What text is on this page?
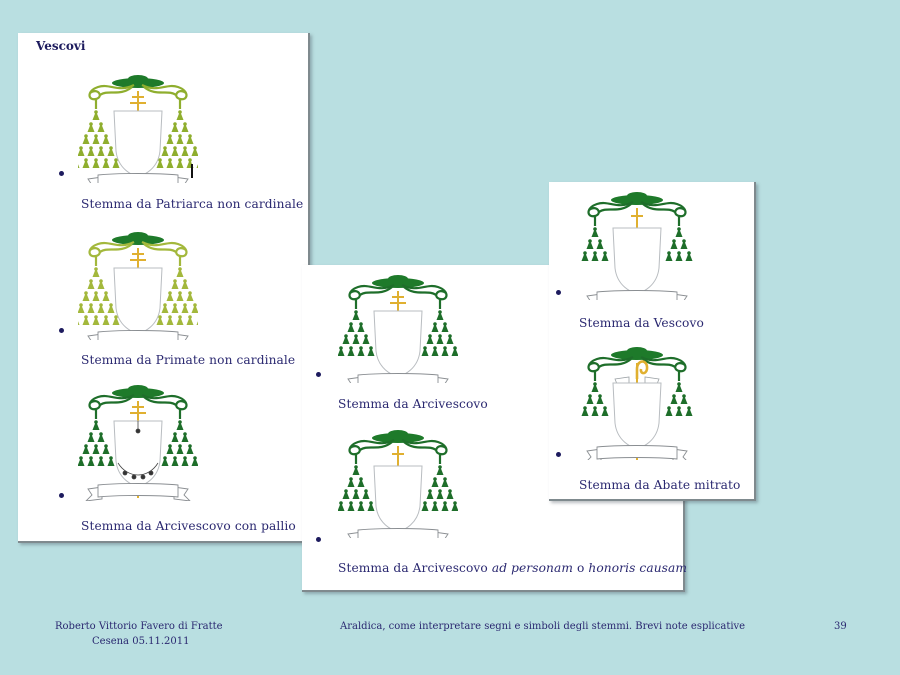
Vescovi
Stemma da Patriarca non cardinale
Stemma da Primate non cardinale
Stemma da Arcivescovo con pallio
Stemma da Arcivescovo
Stemma da Arcivescovo ad personam o honoris causam
Stemma da Vescovo
Stemma da Abate mitrato
Roberto Vittorio Favero di Fratte
Cesena 05.11.2011
Araldica, come interpretare segni e simboli degli stemmi. Brevi note esplicative	39
